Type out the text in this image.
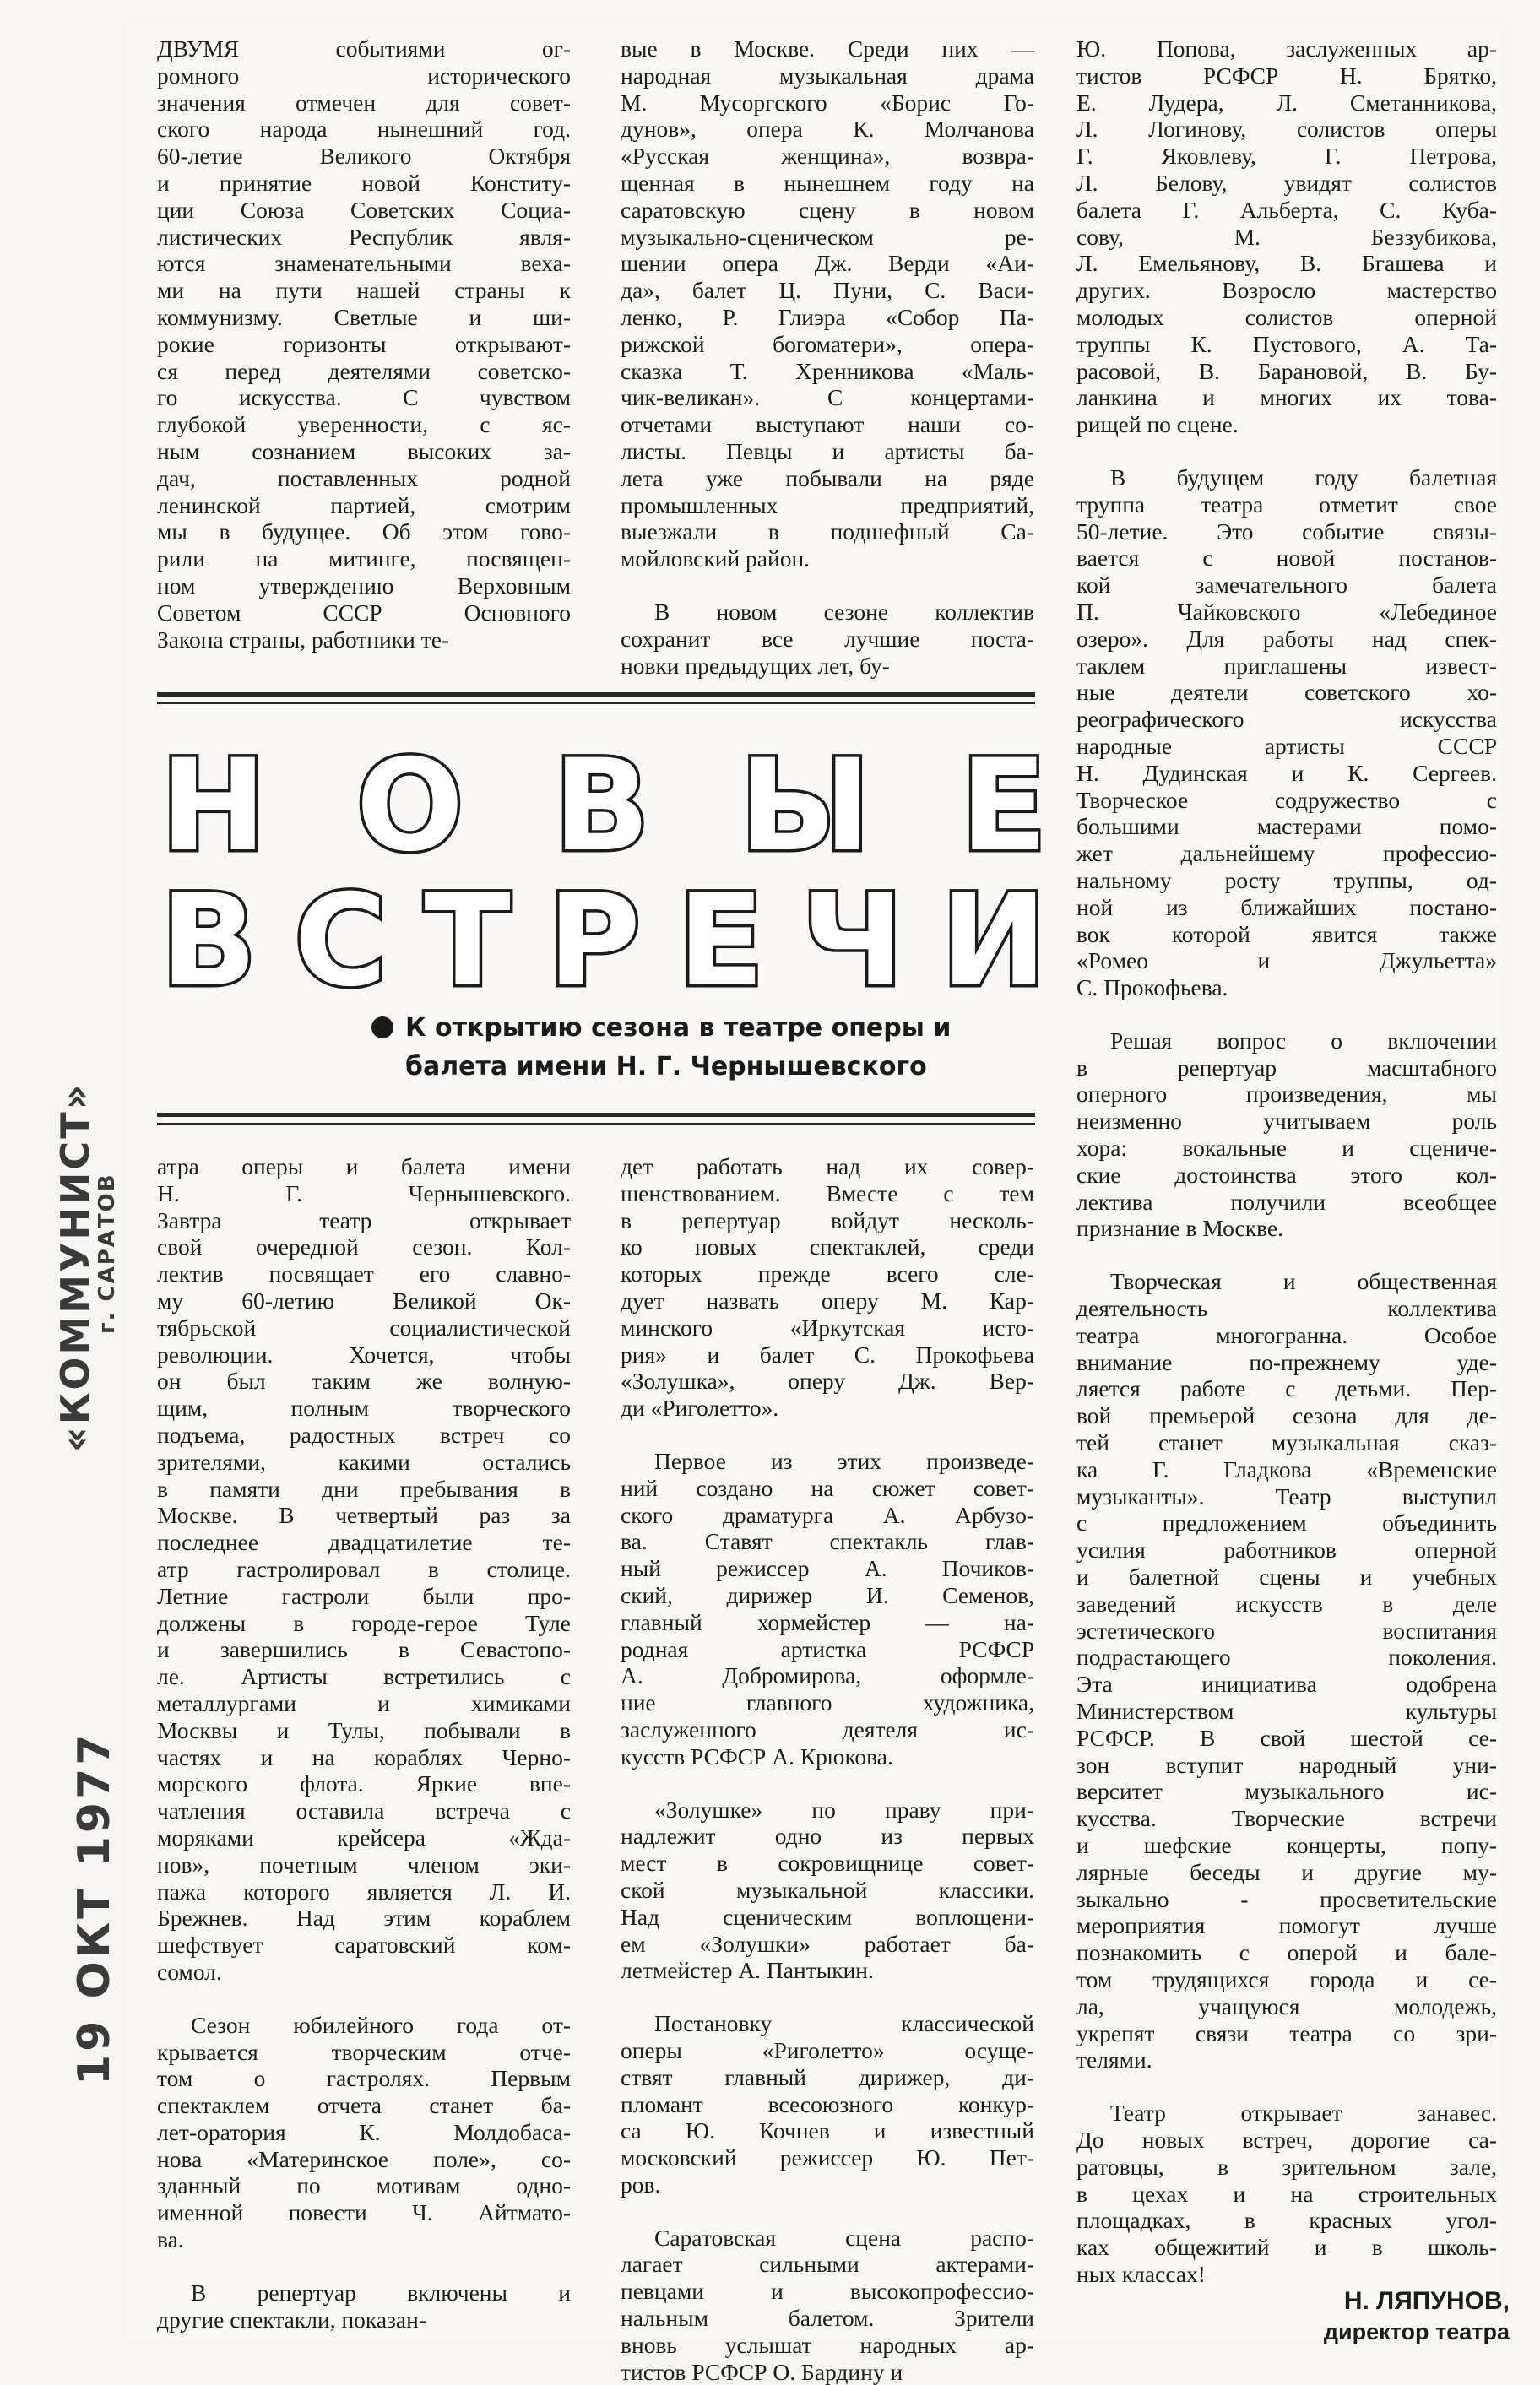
ДВУМЯ событиями ог-

ромного исторического

значения отмечен для совет-

ского народа нынешний год.

60-летие Великого Октября

и принятие новой Конститу-

ции Союза Советских Социа-

листических Республик явля-

ются знаменательными веха-

ми на пути нашей страны к

коммунизму. Светлые и ши-

рокие горизонты открывают-

ся перед деятелями советско-

го искусства. С чувством

глубокой уверенности, с яс-

ным сознанием высоких за-

дач, поставленных родной

ленинской партией, смотрим

мы в будущее. Об этом гово-

рили на митинге, посвящен-

ном утверждению Верховным

Советом СССР Основного

Закона страны, работники те-

вые в Москве. Среди них —

народная музыкальная драма

М. Мусоргского «Борис Го-

дунов», опера К. Молчанова

«Русская женщина», возвра-

щенная в нынешнем году на

саратовскую сцену в новом

музыкально-сценическом ре-

шении опера Дж. Верди «Аи-

да», балет Ц. Пуни, С. Васи-

ленко, Р. Глиэра «Собор Па-

рижской богоматери», опера-

сказка Т. Хренникова «Маль-

чик-великан». С концертами-

отчетами выступают наши со-

листы. Певцы и артисты ба-

лета уже побывали на ряде

промышленных предприятий,

выезжали в подшефный Са-

мойловский район.

В новом сезоне коллектив

сохранит все лучшие поста-

новки предыдущих лет, бу-

Ю. Попова, заслуженных ар-

тистов РСФСР Н. Брятко,

Е. Лудера, Л. Сметанникова,

Л. Логинову, солистов оперы

Г. Яковлеву, Г. Петрова,

Л. Белову, увидят солистов

балета Г. Альберта, С. Куба-

сову, М. Беззубикова,

Л. Емельянову, В. Бгашева и

других. Возросло мастерство

молодых солистов оперной

труппы К. Пустового, А. Та-

расовой, В. Барановой, В. Бу-

ланкина и многих их това-

рищей по сцене.

В будущем году балетная

труппа театра отметит свое

50-летие. Это событие связы-

вается с новой постанов-

кой замечательного балета

П. Чайковского «Лебединое

озеро». Для работы над спек-

таклем приглашены извест-

ные деятели советского хо-

реографического искусства

народные артисты СССР

Н. Дудинская и К. Сергеев.

Творческое содружество с

большими мастерами помо-

жет дальнейшему профессио-

нальному росту труппы, од-

ной из ближайших постано-

вок которой явится также

«Ромео и Джульетта»

С. Прокофьева.

Решая вопрос о включении

в репертуар масштабного

оперного произведения, мы

неизменно учитываем роль

хора: вокальные и сцениче-

ские достоинства этого кол-

лектива получили всеобщее

признание в Москве.

Творческая и общественная

деятельность коллектива

театра многогранна. Особое

внимание по-прежнему уде-

ляется работе с детьми. Пер-

вой премьерой сезона для де-

тей станет музыкальная сказ-

ка Г. Гладкова «Временские

музыканты». Театр выступил

с предложением объединить

усилия работников оперной

и балетной сцены и учебных

заведений искусств в деле

эстетического воспитания

подрастающего поколения.

Эта инициатива одобрена

Министерством культуры

РСФСР. В свой шестой се-

зон вступит народный уни-

верситет музыкального ис-

кусства. Творческие встречи

и шефские концерты, попу-

лярные беседы и другие му-

зыкально - просветительские

мероприятия помогут лучше

познакомить с оперой и бале-

том трудящихся города и се-

ла, учащуюся молодежь,

укрепят связи театра со зри-

телями.

Театр открывает занавес.

До новых встреч, дорогие са-

ратовцы, в зрительном зале,

в цехах и на строительных

площадках, в красных угол-

ках общежитий и в школь-

ных классах!

Н О В Ы Е
В С Т Р Е Ч И
К открытию сезона в театре оперы и
балета имени Н. Г. Чернышевского

атра оперы и балета имени

Н. Г. Чернышевского.

Завтра театр открывает

свой очередной сезон. Кол-

лектив посвящает его славно-

му 60-летию Великой Ок-

тябрьской социалистической

революции. Хочется, чтобы

он был таким же волную-

щим, полным творческого

подъема, радостных встреч со

зрителями, какими остались

в памяти дни пребывания в

Москве. В четвертый раз за

последнее двадцатилетие те-

атр гастролировал в столице.

Летние гастроли были про-

должены в городе-герое Туле

и завершились в Севастопо-

ле. Артисты встретились с

металлургами и химиками

Москвы и Тулы, побывали в

частях и на кораблях Черно-

морского флота. Яркие впе-

чатления оставила встреча с

моряками крейсера «Жда-

нов», почетным членом эки-

пажа которого является Л. И.

Брежнев. Над этим кораблем

шефствует саратовский ком-

сомол.

Сезон юбилейного года от-

крывается творческим отче-

том о гастролях. Первым

спектаклем отчета станет ба-

лет-оратория К. Молдобаса-

нова «Материнское поле», со-

зданный по мотивам одно-

именной повести Ч. Айтмато-

ва.

В репертуар включены и

другие спектакли, показан-

дет работать над их совер-

шенствованием. Вместе с тем

в репертуар войдут несколь-

ко новых спектаклей, среди

которых прежде всего сле-

дует назвать оперу М. Кар-

минского «Иркутская исто-

рия» и балет С. Прокофьева

«Золушка», оперу Дж. Вер-

ди «Риголетто».

Первое из этих произведе-

ний создано на сюжет совет-

ского драматурга А. Арбузо-

ва. Ставят спектакль глав-

ный режиссер А. Почиков-

ский, дирижер И. Семенов,

главный хормейстер — на-

родная артистка РСФСР

А. Добромирова, оформле-

ние главного художника,

заслуженного деятеля ис-

кусств РСФСР А. Крюкова.

«Золушке» по праву при-

надлежит одно из первых

мест в сокровищнице совет-

ской музыкальной классики.

Над сценическим воплощени-

ем «Золушки» работает ба-

летмейстер А. Пантыкин.

Постановку классической

оперы «Риголетто» осуще-

ствят главный дирижер, ди-

пломант всесоюзного конкур-

са Ю. Кочнев и известный

московский режиссер Ю. Пет-

ров.

Саратовская сцена распо-

лагает сильными актерами-

певцами и высокопрофессио-

нальным балетом. Зрители

вновь услышат народных ар-

тистов РСФСР О. Бардину и

Н. ЛЯПУНОВ,
директор театра
«КОММУНИСТ»
г. САРАТОВ
19 ОКТ 1977
